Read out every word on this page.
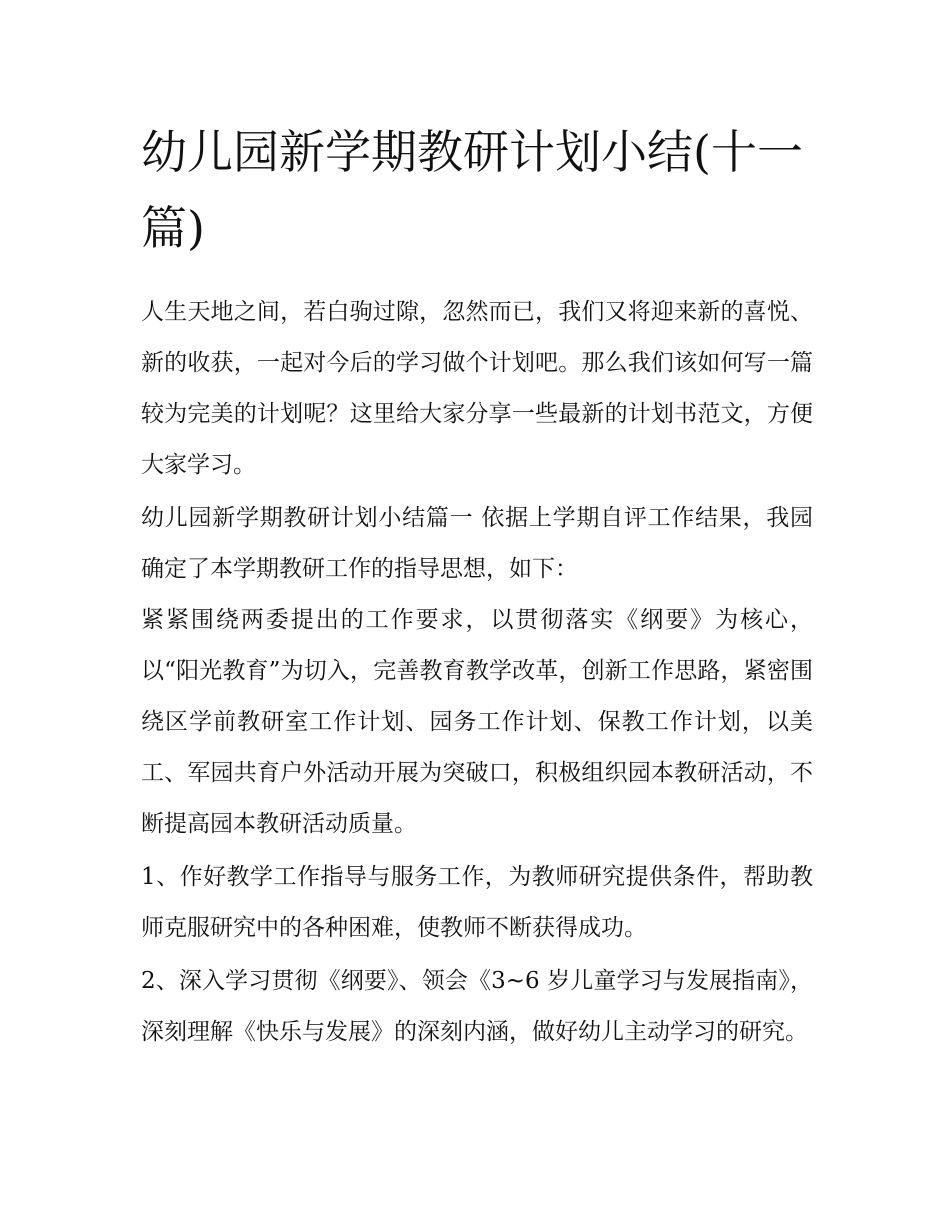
幼儿园新学期教研计划小结(十一篇)

人生天地之间，若白驹过隙，忽然而已，我们又将迎来新的喜悦、新的收获，一起对今后的学习做个计划吧。那么我们该如何写一篇较为完美的计划呢？这里给大家分享一些最新的计划书范文，方便大家学习。

幼儿园新学期教研计划小结篇一 依据上学期自评工作结果，我园确定了本学期教研工作的指导思想，如下：

紧紧围绕两委提出的工作要求，以贯彻落实《纲要》为核心，以“阳光教育”为切入，完善教育教学改革，创新工作思路，紧密围绕区学前教研室工作计划、园务工作计划、保教工作计划，以美工、军园共育户外活动开展为突破口，积极组织园本教研活动，不断提高园本教研活动质量。

1、作好教学工作指导与服务工作，为教师研究提供条件，帮助教师克服研究中的各种困难，使教师不断获得成功。

2、深入学习贯彻《纲要》、领会《3~6 岁儿童学习与发展指南》，深刻理解《快乐与发展》的深刻内涵，做好幼儿主动学习的研究。
